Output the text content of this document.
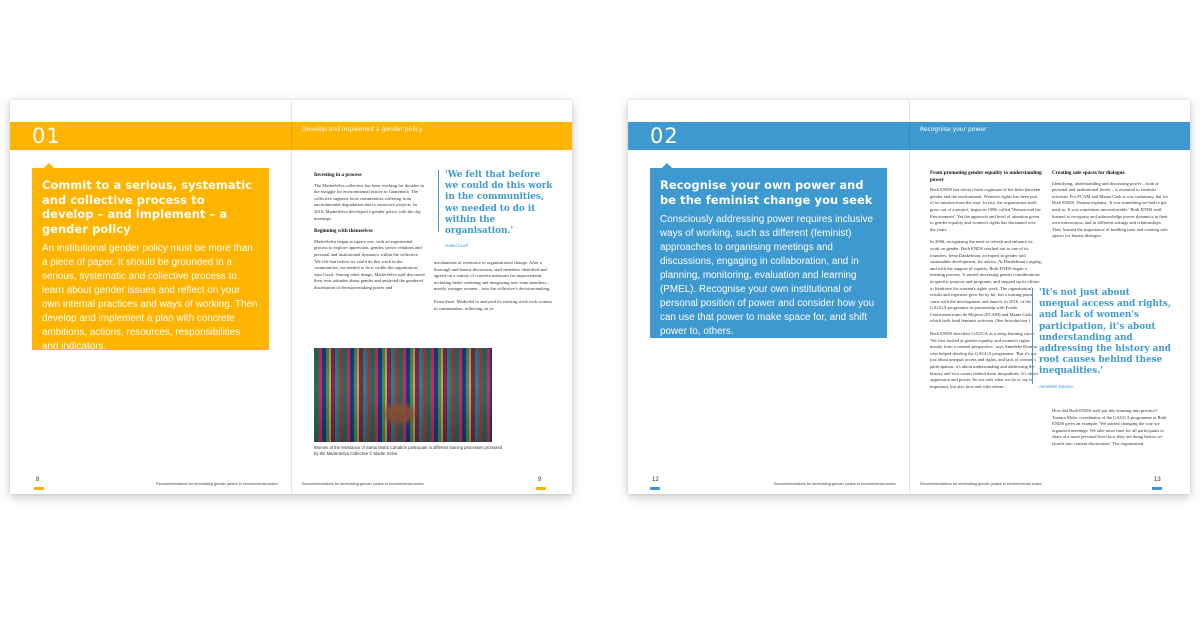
01	Develop and implement a gender policy

Commit to a serious, systematic and collective process to develop – and implement – a gender policy

An institutional gender policy must be more than a piece of paper. It should be grounded in a serious, systematic and collective process to learn about gender issues and reflect on your own internal practices and ways of working. Then develop and implement a plan with concrete ambitions, actions, resources, responsibilities and indicators.

MadreSelva, Guatemala
Investing in a process

The MadreSelva collective has been working for decades in the struggle for environmental justice in Guatemala. The collective supports local communities suffering from environmental degradation due to extractive projects. In 2010, MadreSelva developed a gender policy with the day meetings.

Beginning with themselves

MadreSelva began at square one, with an experiential process to explore oppression, gender, power relations and personal and institutional dynamics within the collective. 'We felt that before we could do this work in the communities, we needed to do it within the organisation,' says Cuxil. Among other things, MadreSelva staff discussed their own attitudes about gender and analysed the gendered distribution of decision-making power and

'We felt that before we could do this work in the communities, we needed to do it within the organisation.'
Isabel Cuxil

mechanisms of resistance to organisational change. After a thorough and honest discussion, staff members identified and agreed on a variety of concrete measures for improvement, including better orienting and integrating new team members – mostly younger women – into the collective's decision-making.

From there, MadreSelva analysed its existing work with women in communities, reflecting on its

Women of the resistance of Santa María Cahabón participate in different training processes promoted by the MadreSelva Collective © Madre Selva
8
Recommendations for embedding gender justice in environmental action	Recommendations for embedding gender justice in environmental action
9
02	Recognise your power

Recognise your own power and be the feminist change you seek

Consciously addressing power requires inclusive ways of working, such as different (feminist) approaches to organising meetings and discussions, engaging in collaboration, and in planning, monitoring, evaluation and learning (PMEL). Recognise your own institutional or personal position of power and consider how you can use that power to make space for, and shift power to, others.

Both ENDS, The Netherlands
From promoting gender equality to understanding power

Both ENDS has always been cognisant of the links between gender and the environment. Women's rights has been part of its mission from the start. In fact, the organisation itself grew out of a project, begun in 1986, called 'Women and the Environment'. Yet the approach and level of attention given to gender equality and women's rights has fluctuated over the years.

In 2006, recognising the need to refresh and enhance its work on gender, Both ENDS reached out to one of its founders, Irene Dankelman, an expert in gender and sustainable development, for advice. At Dankelman's urging, and with the support of experts, Both ENDS began a learning process. It started increasing gender considerations in specific projects and programs, and stepped up its efforts to fundraise for women's rights work. The organisation's results and expertise grew bit by bit, but a turning point came with the development and launch, in 2016, of the GAGGA programme in partnership with Fondo Centroamericano de Mujeres (FCAM) and Mama Cash, which both fund feminist activism. (See Introduction.)

Both ENDS describes GAGGA as a steep learning curve. 'We first looked at gender equality and women's rights mostly from a content perspective,' says Anneleke Douma, who helped develop the GAGGA programme. 'But it's not just about unequal access and rights, and lack of women's participation, it's about understanding and addressing the history and root causes behind these inequalities. It's about oppression and power. So not only what we do or say is important, but also how and with whom.'.

Creating safe spaces for dialogue

Identifying, understanding and discussing power – both at personal and institutional levels – is essential to feminist activism. For FCAM and Mama Cash it was customary, but for Both ENDS, Douma explains, 'It was something we had to get used to. It was sometimes uncomfortable.' Both ENDS staff learned to recognise and acknowledge power dynamics in their own interactions, and in different settings and relationships. They learned the importance of building trust and creating safe spaces for honest dialogue.

'It's not just about unequal access and rights, and lack of women's participation, it's about understanding and addressing the history and root causes behind these inequalities.'
Anneleke Douma

How did Both ENDS staff put this learning into practice? Tamara Mohr, coordinator of the GAGGA programme at Both ENDS gives an example, 'We started changing the way we organised meetings. We take more time for all participants to share at a more personal level how they are doing before we launch into content discussions.' The organisation

12
Recommendations for embedding gender justice in environmental action	Recommendations for embedding gender justice in environmental action
13
